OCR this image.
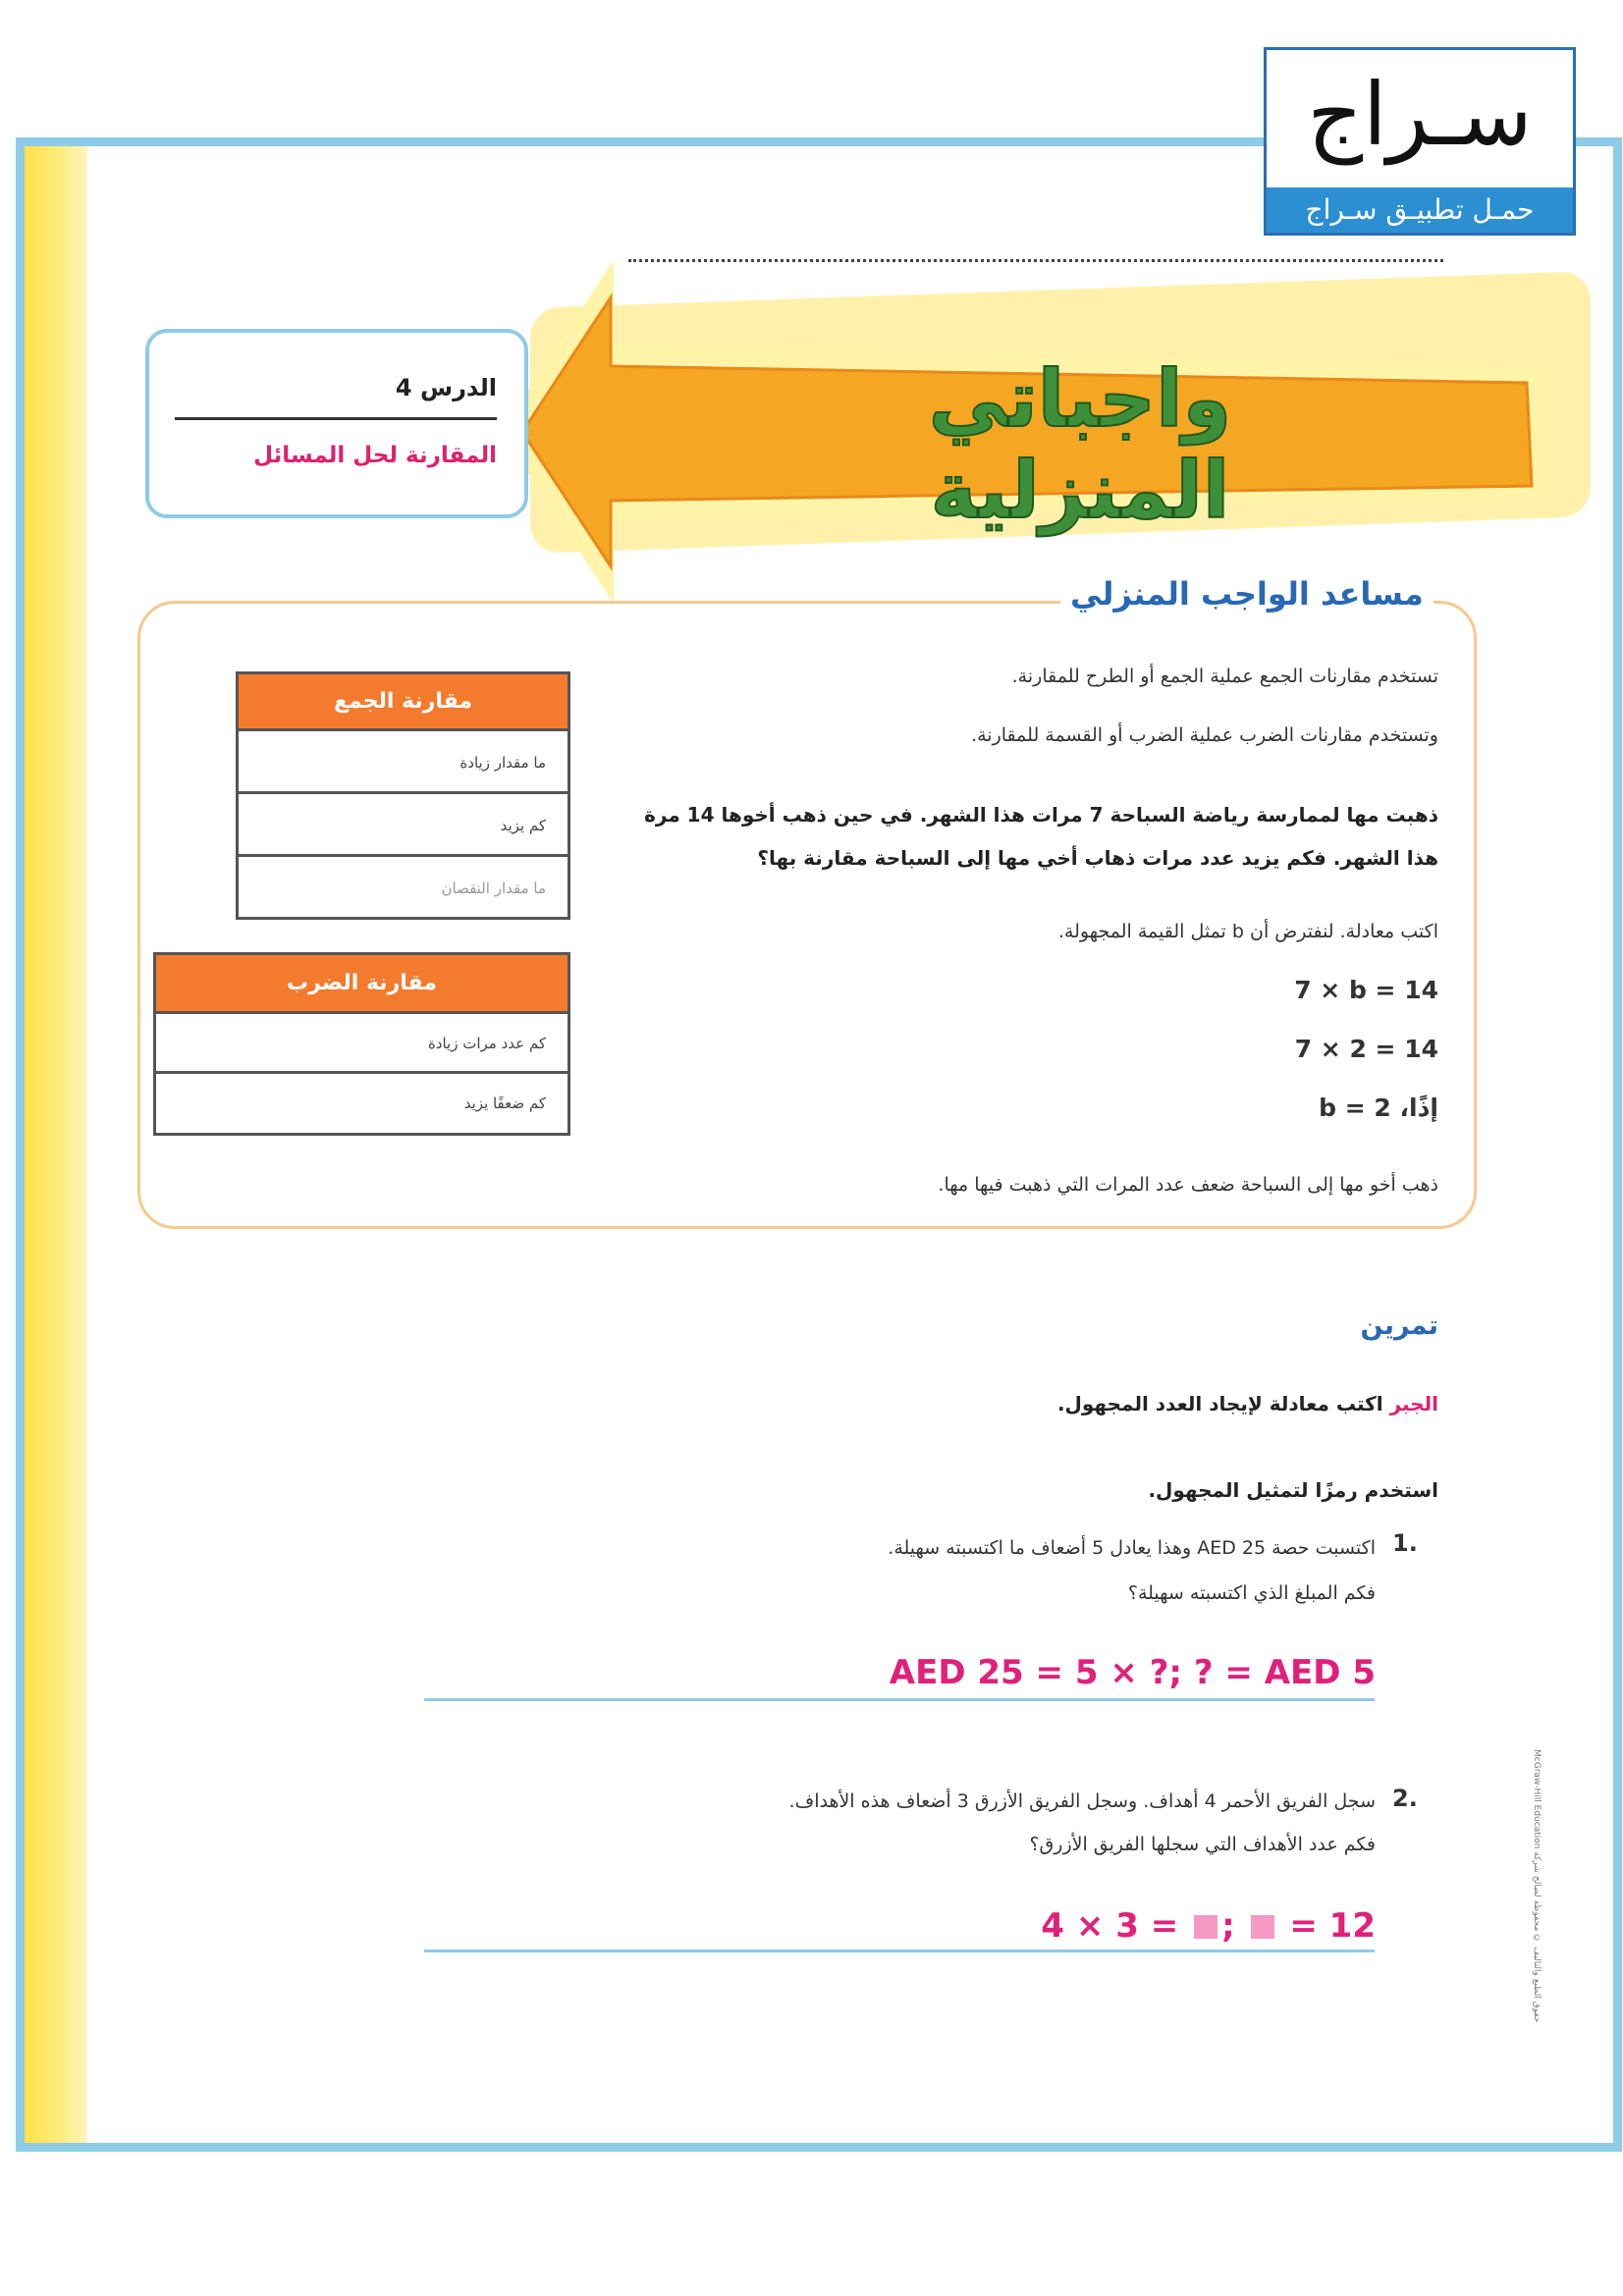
سـراج
حمـل تطبيـق سـراج
واجباتي المنزلية
الدرس 4
المقارنة لحل المسائل
مساعد الواجب المنزلي
تستخدم مقارنات الجمع عملية الجمع أو الطرح للمقارنة.
وتستخدم مقارنات الضرب عملية الضرب أو القسمة للمقارنة.
ذهبت مها لممارسة رياضة السباحة 7 مرات هذا الشهر. في حين ذهب أخوها 14 مرة
هذا الشهر. فكم يزيد عدد مرات ذهاب أخي مها إلى السباحة مقارنة بها؟
اكتب معادلة. لنفترض أن b تمثل القيمة المجهولة.
7 × b = 14
7 × 2 = 14
إذًا، b = 2
ذهب أخو مها إلى السباحة ضعف عدد المرات التي ذهبت فيها مها.
مقارنة الجمع
ما مقدار زيادة
كم يزيد
ما مقدار النقصان
مقارنة الضرب
كم عدد مرات زيادة
كم ضعفًا يزيد
تمرين
الجبر اكتب معادلة لإيجاد العدد المجهول.
استخدم رمزًا لتمثيل المجهول.
1.
اكتسبت حصة 25 AED وهذا يعادل 5 أضعاف ما اكتسبته سهيلة.
فكم المبلغ الذي اكتسبته سهيلة؟
AED 25 = 5 × ?; ? = AED 5
2.
سجل الفريق الأحمر 4 أهداف. وسجل الفريق الأزرق 3 أضعاف هذه الأهداف.
فكم عدد الأهداف التي سجلها الفريق الأزرق؟
4 × 3 = ; = 12
حقوق الطبع والتأليف © محفوظة لصالح شركة McGraw-Hill Education
